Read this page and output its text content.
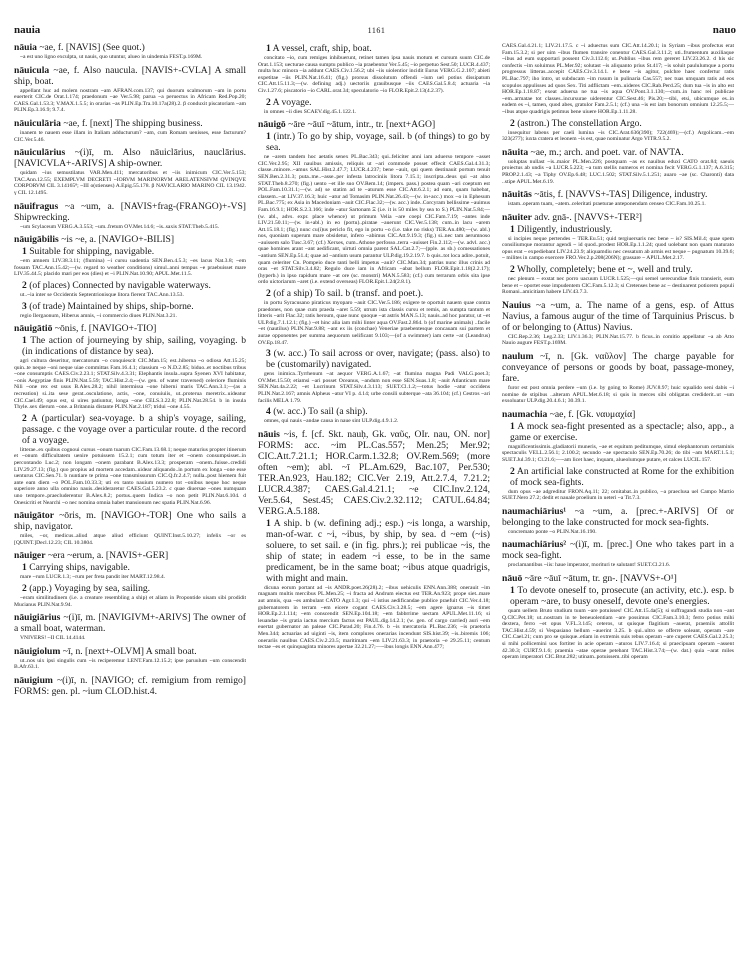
nauia	1161	nauo

nāuia ~ae, f. [NAVIS] (See quot.)

~a est uno ligno exculpta, ut nauis, quo utuntur, alueo in uindemia FEST.p.169M.

nāuicula ~ae, f. Also naucula. [NAVIS+-CVLA] A small ship, boat.

appellant huc ad molem nostram ~am AFRAN.com.137; qui duorum scalmorum ~am in portu euerterit CIC.de Orat.1.174; praedonum ~ae Ver.5.98; parua ~a peruectus in Africam Red.Pop.20; CAES.Gal.1.53.3; V.MAX.1.5.5; in orarias ~as PLIN.Ep.Tra.10.17a(28).2. β conduxit piscatoriam ~am PLIN.Ep.3.16.9; 9.7.4.

nāuiculāria ~ae, f. [next] The shipping business.

inanem te nauem esse illam in Italiam adducturum? ~am, cum Romam uenisses, esse facturum? CIC.Ver.5.46.

nāuiculārius ~(i)ī, m. Also nāuiclārius, nauclārius. [NAVICVLA+-ARIVS] A ship-owner.

quidam ~ius semustilatus VAR.Men.411; mercatoribus et ~iis inimicum CIC.Ver.5.153; TAC.Ann.12.55; EXEMPLVM DECRETI ~IORVM MARINORVM ARELATENSIVM QVINQVE CORPORVM CIL 3.14165⁸; ~III o(stienses) A.Epig.55.178. β NAVICLARIO MARINO CIL 13.1942. γ CIL 12.1495.

nāuifragus ~a ~um, a. [NAVIS+frag-(FRANGO)+-VS] Shipwrecking.

~um Scylaceum VERG.A.3.553; ~um..fretum OV.Met.14.6; ~is..saxis STAT.Theb.5.415.

nāuigābilis ~is ~e, a. [NAVIGO+-BILIS]

1 Suitable for shipping, navigable.

~em amnem LIV.38.3.11; (flumina) ~i cursu uadentia SEN.Ben.4.5.3; ~es lacus Nat.3.8; ~em fossam TAC.Ann.15.42;—(w. regard to weather conditions) simul..anni tempus ~e praebuisset mare LIV.35.44.5; placido mari per eos (dies) et ~i PLIN.Nat.10.90; APUL.Met.11.5.

2 (of places) Connected by navigable waterways.

ut..~ia inter se Occidentis Septentrionisque litora fierent TAC.Ann.13.53.

3 (of trade) Maintained by ships, ship-borne.

regio Ilergaonum, Hiberus amnis, ~i commercio diues PLIN.Nat.3.21.

nāuigātiō ~ōnis, f. [NAVIGO+-TIO]

1 The action of journeying by ship, sailing, voyaging. b (in indications of distance by sea).

agri cultura deseritur, mercatorum ~o conquiescit CIC.Man.15; est..hiberna ~o odiosa Att.15.25; quin..te neque ~oni neque uiae committas Fam.16.4.1; classium ~o N.D.2.85; biduo..et noctibus tribus ~one consumptis CAES.Civ.2.23.1; STAT.Silv.4.3.31; Elephantis insula..supra Syenen XVI habitatur, ~onis Aegyptiae finis PLIN.Nat.5.59; TAC.Hist.2.4;—(w. gen. of water traversed) celeriore fluminis Nili ~one rex est usus B.Alex.28.2; nihil intermissa ~one hiberni maris TAC.Ann.3.1;—(as a recreation) si..ita sese gerat..osculatione, actis, ~one, conuiuiis, ut..proterua meretrix..uideatur CIC.Cael.49; opus est, si uires patiuntur, longa ~one CELS.3.22.8; PLIN.Nat.28.54. b in insula Thyle..sex dierum ~one..a Britannia distante PLIN.Nat.2.187; tridui ~one 4.55.

2 A (particular) sea-voyage. b a ship's voyage, sailing, passage. c the voyage over a particular route. d the record of a voyage.

litterae..ex quibus cognoui cursus ~onum tuarum CIC.Fam.13.68.1; neque maturius propter itinerum et ~onum difficultatem uenire potuissem 15.2.1; cum totum iter et ~onem consumpsisset..in percontando Luc.2; non longam ~onem parabant B.Alex.13.3; prosperam ~onem..fuisse..credidi LIV.29.27.13; (fig.) quo propius ad mortem accedam..uidear aliquando..in portum ex longa ~one esse uenturus CIC.Sen.71. b nuntiare te prima ~one transmissurum CIC.Q.fr.2.4.7; nulla..post hiemem fuit ante eam diem ~o POL.Fam.10.33.3; uti ex tanto nauium numero tot ~onibus neque hoc neque superiore anno ulla omnino nauis..desideraretur CAES.Gal.5.23.2. c quae diuersae ~ones numquam uno tempore..praecluderentur B.Alex.8.2; portus..quem Indica ~o non petit PLIN.Nat.6.104. d Onesicriti et Nearchi ~o nec nomina omnia habet mansionum nec spatia PLIN.Nat.6.96.

nāuigātor ~ōris, m. [NAVIGO+-TOR] One who sails a ship, navigator.

miles, ~or, medicus..aliud atque aliud efficiunt QUINT.Inst.5.10.27; infelix ~or es [QUINT.]Decl.12.23; CIL 10.3804.

nāuiger ~era ~erum, a. [NAVIS+-GER]

1 Carrying ships, navigable.

mare ~rum LUCR.1.3; ~rum per freta pandit iter MART.12.98.4.

2 (app.) Voyaging by sea, sailing.

~eram similitudinem (i.e. a creature resembling a ship) et aliam in Propontide uisam sibi prodidit Mucianus PLIN.Nat.9.94.

nāuigiārius ~(i)ī, m. [NAVIGIVM+-ARIVS] The owner of a small boat, waterman.

VNIVERS! ~II CIL 14.4144.

nāuigiolum ~ī, n. [next+-OLVM] A small boat.

ut..nos uix ipsi singulis cum ~is reciperemur LENT.Fam.12.15.2; ipse paruulum ~um conscendit B.Afr.63.1.

nāuigium ~(i)ī, n. [NAVIGO; cf. remigium from remigo] FORMS: gen. pl. ~ium CLOD.hist.4.

1 A vessel, craft, ship, boat.

concitato ~io, cum remiges inhibuerunt, retinet tamen ipsa nauis motum et cursum suum CIC.de Orat.1.153; uecturae causa sumptu publico ~ia praebentur Ver.5.45; ~io perpetuo Sest.50; LUCR.4.437; multa huc minora ~ia addunt CAES.Civ.1.56.2; ubi ~iis uiolentior incidit Eurus VERG.G.2.107; abieti expetitae ~iis PLIN.Nat.16.41; (fig.) prorsus dissolutum offendi ~ium uel potius dissipatum CIC.Att.15.11.3;—(w. defining adj.) uectoriis grauibusque ~iis CAES.Gal.5.8.4; actuaria ~ia Civ.1.27.6; piscatorio ~io CARL.orat.34; speculatorio ~io FLOR.Epit.2.13(4.2.37).

2 A voyage.

in omnes ~ii dies SCAEV.dig.45.1.122.1.

nāuigō ~āre ~āuī ~ātum, intr., tr. [next+AGO]

1 (intr.) To go by ship, voyage, sail. b (of things) to go by sea.

ne ~arem tandem hoc aetatis senex PL.Bac.343; qui..feliciter anni iam aduerso tempore ~asset CIC.Ver.2.95; XII nauibus amissis, reliquis ut ~ari commode posset effecit CAES.Gal.4.31.3; classe..minore..~amus SAL.Hist.2.47.7; LUCR.4.237; bene ~auit, qui quem destinauit portum tenuit SEN.Ben.2.31.3; puta..me..~asse..per infesta latrociniis litora 7.15.1; inscripta..deus qui ~at alno STAT.Theb.8.270; (fig.) uento ~et ille suo OV.Rem.14; (impers. pass.) postea quam ~ari coeptum est POL.Fam.10.31.1;—(w. ad) se statim ad te ~aturum esse CIC.Att.6.2.1; ad eam, quam habebat, classem..~at LIV.37.16.3; huic ~atur ad Tomasim PLIN.Nat.26.43;—(w. in+acc.) mox ~o in Ephesum PL.Bac.775; ex Asia in Macedoniam ~auit CIC.Flac.32;—(w. acc.) inde..Corcyram bellissime ~auimus Fam.16.9.1; HOR.S.2.3.166; inde ~atur Sartonam Ξ (i.e. it is 50 miles by sea to S.) PLIN.Nat.5.84;—(w. abl., advs. expr. place whence) ut primum Velia ~are coepi CIC.Fam.7.19; ~antes inde LIV.21.50.11;—(w. in+abl.) in eo (portu)..piratae ~auerunt CIC.Ver.5.138; cum..in lacu ~arem Att.15.18.1; (fig.) nunc cu(i)us periclo fit, ego in portu ~o (i.e. take no risks) TER.An.480;—(w. abl.) nos, quoniam superum mare obsidetur, infero ~abimus CIC.Att.9.19.3; (fig.) si..nec tam aerumnoso ~auissem salo Tusc.3.67; (cf.) Xerxes, cum..Athone perfosso..terra ~auisset Fin.2.112;—(w. advl. acc.) quae homines arant ~ant aedificant, uirtuti omnia parent SAL.Cat.2.7;—(pple. as sb.) comessationes ~antium SEN.Ep.51.4; quae ad ~antium usum parantur ULP.dig.19.2.19.7. b quis..tot loca adire..potuit, quam celeriter Cn. Pompeio duce tanti belli impetus ~auit? CIC.Man.34; patrias nunc illus crinis ad oras ~et STAT.Silv.3.4.82; Regulo duce iam in Africam ~abat bellum FLOR.Epit.1.18(2.2.17); (hyperb.) in ipso rapidum mare ~at ore (sc. monstri) MAN.5.583; (cf.) cum terrarum orbis sita ipse ordo uictoriarum ~aret (i.e. extend overseas) FLOR.Epit.1.24(2.8.1).

2 (of a ship) To sail. b (transf. and poet.).

in portu Syracusano piraticus myoparo ~auit CIC.Ver.5.186; exigere te oportuit nauem quae contra praedones, non quae cum praeda ~aret 5.59; utrum ista classis cursu et remis, an sumpta tantum et litteris ~arit Flac.32; ratis heroum, quae nunc quoque ~at astris MAN.5.13; nauis..ad hoc paratur, ut ~et ULP.dig.7.1.12.1; (fig.) ~et hinc alia iam mihi linter aqua OV.Fast.2.864. b (of marine animals) ..facile ~et (nautilus) PLIN.Nat.9.88; ~ant ex iis (conchae) Veneriae praebentesque concauam sui partem et aurae opponentes per summa aequorum uelificant 9.103;—(of a swimmer) iam certe ~at (Leandrus) OV.Ep.18.47.

3 (w. acc.) To sail across or over, navigate; (pass. also) to be (customarily) navigated.

gens inimica..Tyrrhenum ~at aequor VERG.A.1.67; ~at flumina magna Padi VALG.poet.3; OV.Met.15.50; etiamsi ~ari posset Oceanus, ~andum non esse SEN.Suas.1.8; ~auit Atlanticum mare SEN.Nat.4a.2.22; ~et Lucrinum STAT.Silv.4.3.113; SUET.Cl.1.2;—totus hodie ~atur occidens PLIN.Nat.2.167; amnis Alpheus ~atur VI p. 4.14; urbe consili subterque ~ata 36.104; (cf.) Cestros ~ari facilis MELA 1.79.

4 (w. acc.) To sail (a ship).

omnes, qui nauis ~andae causa in naue sint ULP.dig.4.9.1.2.

nāuis ~is, f. [cf. Skt. nauḥ, Gk. ναῦς, OIr. nau, ON. nor] FORMS: acc. ~im PL.Cas.557; Men.25; Mer.92; CIC.Att.7.21.1; HOR.Carm.1.32.8; OV.Rem.569; (more often ~em); abl. ~ī PL.Am.629, Bac.107, Per.530; TER.An.923, Hau.182; CIC.Ver 2.19, Att.2.7.4, 7.21.2; LUCR.4.387; CAES.Gal.4.21.1; ~e CIC.Inv.2.124, Ver.5.64, Sest.45; CAES.Civ.2.32.112; CATUL.64.84; VERG.A.5.188.

1 A ship. b (w. defining adj.; esp.) ~is longa, a warship, man-of-war. c ~i, ~ibus, by ship, by sea. d ~em (~is) soluere, to set sail. e (in fig. phrs.); rei publicae ~is, the ship of state; in eadem ~i esse, to be in the same predicament, be in the same boat; ~ibus atque quadrigis, with might and main.

dicuna eorum portant ad ~is ANDR.poet.26(28).2; ~ibus uehiculis ENN.Ann.388; onerauit ~im magnam multis mercibus PL.Men.25; ~i fracta ad Andrum eiectus est TER.An.923; prope siet..mare aut amnis, qua ~es ambulant CATO Agr.1.3; qui ~i istius aedificandae publice praefuit CIC.Ver.4.18; gubernatorem in terram ~em eicere cogant CAES.Civ.3.28.5; ~em agere ignarus ~is timet HOR.Ep.2.1.114; ~em conscendit SEN.Ep.104.18; ~em fabbrrime uectam APUL.Met.11.16; si leuandae ~is gratia iactus mercium factus est PAUL.dig.14.2.1; (w. gen. of cargo carried) auri ~em euertat gubernator an paleae CIC.Parad.20; Fin.4.76. b ~is mercatoria PL.Bac.236; ~is praetoria Men.344; actuarias ad uiginti ~is, item complures onerarias incendunt SIS.hist.39; ~is..biremis 106; onerariis nauibus CAES.Civ.2.23.5; maritimam ~em LIV.21.63.3; in praetoria ~e 29.25.11; centum tectae ~es et quinquaginta minores apertae 32.21.27;—~ibus longis ENN.Ann.477;

CAES.Gal.4.21.1; LIV.21.17.5. c ~i aduectus sum CIC.Att.14.20.1; in Syriam ~ibus profectus erat Fam.15.3.2; si per uim ~ibus flumen transire conentur CAES.Gal.3.11.2; uti..frumentum auxiliaque ~ibus ad eum supportari possent Civ.3.112.6; ut..Publius ~ibus rem gereret LIV.23.26.2. d his sic confectis ~im soluimus PL.Mer.92; solutast ~is aliquanto prius St.417; ~is soluit paululumque a portu progressus litteras..accepit CAES.Civ.3.14.1. e bene ~is agitur, pulchre haec confertur ratis PL.Bac.797; iho intro, ut subducam ~im rusum in pulinaria Cas.557; nec tuas umquam ratis ad eos scopulos appulisses ad quos Sex. Titi adflictam ~em..uideres CIC.Rab.Perd.25; dum tua ~is in alto est HOR.Ep.1.18.87; exeat aduersa ne tua ~is aqua OV.Pont.3.1.130;—cum..in hanc rei publicae ~em..armatae tot classes..incursurae uiderentur CIC.Sest.46; Pis.20;—tibi, etsi, ubicumque es..in eadem es ~i, tamen, quod abes, gratulor Fam.2.5.1; (cf.) una ~is est iam bonorum omnium 12.25.5;—~ibus atque quadrigis petimus bene uiuere HOR.Ep.1.11.28.

2 (astron.) The constellation Argo.

insequitur labens per caeli lumina ~is CIC.Arat.636(390); 722(469);—(cf.) Argolicam..~em 323(277); iuxta cratera et leonem ~is est, quae nominatur Argo VITR.9.5.2.

nāuita ~ae, m.; arch. and poet. var. of NAVTA.

uoluptas nullast ~is..maior PL.Men.226; postquam ~as ex nauibus eduxi CATO orat.84; saeuis proiectus ab undis ~a LUCR.5.223; ~a tum stellis numeros et nomina fecit VERG.G.1.137; A.6.315; PROP.2.1.43; ~a Tiphy OV.Ep.6.48; LUC.1.502; STAT.Silv.5.1.251; auaro ~ae (sc. Charonti) data ..stipe APUL.Met.6.19.

nāuitās ~ātis, f. [NAVVS+-TAS] Diligence, industry.

istam..operam tuam, ~atem..celeritati praeturae anteponendam censeo CIC.Fam.10.25.1.

nāuiter adv. gnā-. [NAVVS+-TER²]

1 Diligently, industriously.

si incipies neque pertendes ~ TER.Eu.51; quid tergiuersaris nec bene ~ is? SIS.Mil.4; quae spem consiliumque morantur agendi ~ id quod..prodest HOR.Ep.1.1.24; quod uolebant non quam maturato opus erat ~ expediebant LIV.24.23.9; aliquamdiu nec cessatum ab armis est neque ~ pugnatum 10.39.6; ~ milites in campo exercere FRO.Ver.2.p.208(206N); grassare ~ APUL.Met.2.17.

2 Wholly, completely; bene et ~, well and truly.

nec plenum ~ exstat nec porro uacuum LUCR.1.525;—qui semel uerecundiae finis transierit, eum bene et ~ oportet esse impudentem CIC.Fam.5.12.3; si Cretenses bene ac ~ destinarent potiorem populi Romani..amicitiam habere LIV.43.7.3.

Nauius ~a ~um, a. The name of a gens, esp. of Attus Navius, a famous augur of the time of Tarquinius Priscus. b of or belonging to (Attus) Navius.

CIC.Rep.2.36; Leg.2.33; LIV.1.36.3; PLIN.Nat.15.77. b ficus..in comitio appellatur ~a ab Atto Nauio augure FEST.p.169M.

naulum ~ī, n. [Gk. ναῦλον] The charge payable for conveyance of persons or goods by boat, passage-money, fare.

furor est post omnia perdere ~um (i.e. by going to Rome) JUV.8.97; huic squalido seni dabis ~i nomine de stipibus ..alteram APUL.Met.6.18; si quis in merces sibi obligatas crediderit..ut ~um exsoluatur ULP.dig.20.4.6.1; 30.39.1.

naumachia ~ae, f. [Gk. ναυμαχία]

1 A mock sea-fight presented as a spectacle; also, app., a game or exercise.

magnificentissimis..gladiatorii muneris, ~ae et equitum peditumque, simul elephantorum certaminis spectaculis VELL.2.56.1; 2.100.2; secundo ~ae spectaculo SEN.Ep.70.26; do tibi ~am MART.1.5.1; SUET.Jul.39.1; Cl.21.6;—~am licet haec, inquam, alueolumque putare, et calces LUCIL.157.

2 An artificial lake constructed at Rome for the exhibition of mock sea-fights.

dum opus ~ae adgreditur FRON.Aq.11; 22; ornitabat..in publico, ~a praeclusa uel Campo Martio SUET.Nero 27.2; dedit et nauale proelium in ueteri ~a Tit.7.3.

naumachiārius¹ ~a ~um, a. [prec.+-ARIVS] Of or belonging to the lake constructed for mock sea-fights.

concremato ponte ~o PLIN.Nat.16.190.

naumachiārius² ~(i)ī, m. [prec.] One who takes part in a mock sea-fight.

proclamantibus ~iis: haue imperator, morituri te salutant! SUET.Cl.21.6.

nāuō ~āre ~āuī ~ātum, tr. gn-. [NAVVS+-O¹]

1 To devote oneself to, prosecute (an activity, etc.). esp. b operam ~are, to busy oneself, devote one's energies.

quam uellem Bruto studium tuum ~are potuisses! CIC.Att.15.4a(5); si suffragandi studia non ~ant Q.CIC.Pet.18; ut..nostram in te beneuolentiam ~are possimus CIC.Fam.3.10.3; ferro potius mihi dextera, ferro ~et opus V.FL.3.145; ceteros, ut quisque flagitium ~auerat, praemiis attollit TAC.Hist.4.59; si Vespasiano bellum ~auerint 3.25. b qui..ultro se offerre soleant, operam ~are CIC.Cael.21; cum pro se quisque..etiam in extremis suis rebus operam ~are cuperet CAES.Gal.2.25.3; si mihi pollicemini uos fortiter in acie operam ~aturos LIV.7.16.4; si praecipuam operam ~assent 42.30.3; CURT.9.1.6; praemia ~atae operae petebant TAC.Hist.3.74;—(w. dat.) quia ~arat miles operam imperatori CIC.Brut.282; utinam..potuissem..tibi operam
